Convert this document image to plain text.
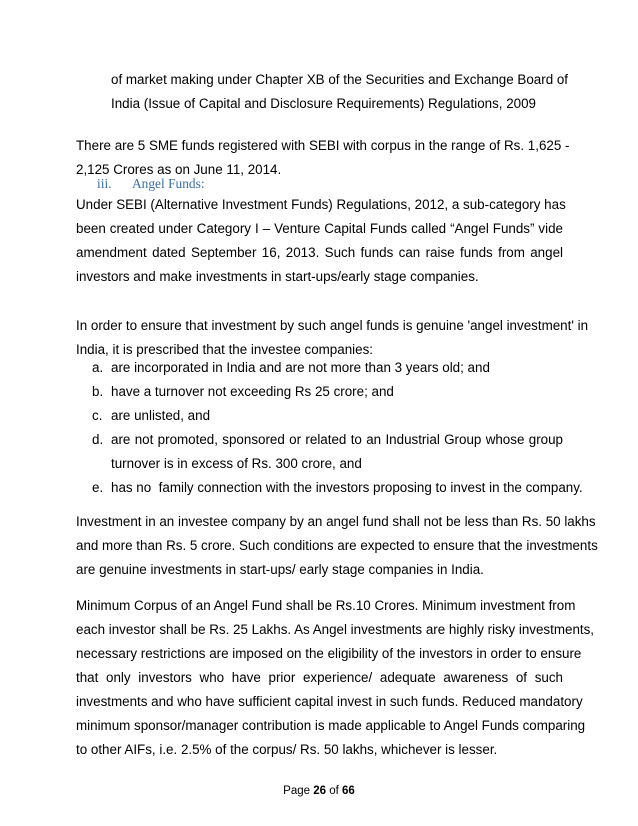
of market making under Chapter XB of the Securities and Exchange Board of
India (Issue of Capital and Disclosure Requirements) Regulations, 2009

There are 5 SME funds registered with SEBI with corpus in the range of Rs. 1,625 -
2,125 Crores as on June 11, 2014.

iii. Angel Funds:

Under SEBI (Alternative Investment Funds) Regulations, 2012, a sub-category has
been created under Category I – Venture Capital Funds called “Angel Funds” vide
amendment dated September 16, 2013. Such funds can raise funds from angel
investors and make investments in start-ups/early stage companies.

In order to ensure that investment by such angel funds is genuine 'angel investment' in
India, it is prescribed that the investee companies:

a. are incorporated in India and are not more than 3 years old; and
b. have a turnover not exceeding Rs 25 crore; and
c. are unlisted, and
d. are not promoted, sponsored or related to an Industrial Group whose group
turnover is in excess of Rs. 300 crore, and
e. has no  family connection with the investors proposing to invest in the company.

Investment in an investee company by an angel fund shall not be less than Rs. 50 lakhs
and more than Rs. 5 crore. Such conditions are expected to ensure that the investments
are genuine investments in start-ups/ early stage companies in India.

Minimum Corpus of an Angel Fund shall be Rs.10 Crores. Minimum investment from
each investor shall be Rs. 25 Lakhs. As Angel investments are highly risky investments,
necessary restrictions are imposed on the eligibility of the investors in order to ensure
that only investors who have prior experience/ adequate awareness of such
investments and who have sufficient capital invest in such funds. Reduced mandatory
minimum sponsor/manager contribution is made applicable to Angel Funds comparing
to other AIFs, i.e. 2.5% of the corpus/ Rs. 50 lakhs, whichever is lesser.

Page 26 of 66
